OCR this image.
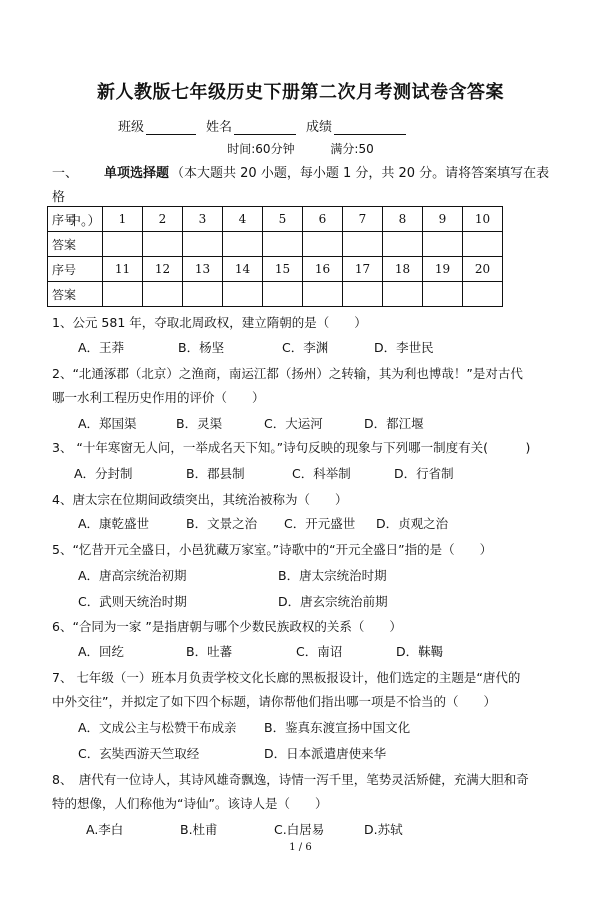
新人教版七年级历史下册第二次月考测试卷含答案
班级	姓名	成绩
时间:60分钟	满分:50
一、 单项选择题 （本大题共 20 小题，每小题 1 分，共 20 分。请将答案填写在表格
中。）
序号	1	2	3	4	5	6	7	8	9	10
答案										
序号	11	12	13	14	15	16	17	18	19	20
答案										
1、公元 581 年，夺取北周政权，建立隋朝的是（　　）
A．王莽	B．杨坚	C．李渊	D．李世民
2、“北通涿郡（北京）之渔商，南运江都（扬州）之转输，其为利也博哉！”是对古代
哪一水利工程历史作用的评价（　　）
A．郑国渠	B．灵渠	C．大运河	D．都江堰
3、 “十年寒窗无人问，一举成名天下知。”诗句反映的现象与下列哪一制度有关(　　　)
A．分封制	B．郡县制	C．科举制	D．行省制
4、唐太宗在位期间政绩突出，其统治被称为（　　）
A．康乾盛世	B．文景之治 C．开元盛世 D．贞观之治
5、“忆昔开元全盛日，小邑犹藏万家室。”诗歌中的“开元全盛日”指的是（　　）
A．唐高宗统治初期	B．唐太宗统治时期
C．武则天统治时期	D．唐玄宗统治前期
6、“合同为一家 ”是指唐朝与哪个少数民族政权的关系（　　）
A．回纥	B．吐蕃	C．南诏	D．靺鞨
7、 七年级（一）班本月负责学校文化长廊的黑板报设计，他们选定的主题是“唐代的
中外交往”，并拟定了如下四个标题，请你帮他们指出哪一项是不恰当的（　　）
A．文成公主与松赞干布成亲 B．鉴真东渡宣扬中国文化
C．玄奘西游天竺取经	D．日本派遣唐使来华
8、　唐代有一位诗人，其诗风雄奇飘逸，诗情一泻千里，笔势灵活矫健，充满大胆和奇
特的想像，人们称他为“诗仙”。该诗人是（　　）
A.李白	B.杜甫	C.白居易	D.苏轼
1 / 6
